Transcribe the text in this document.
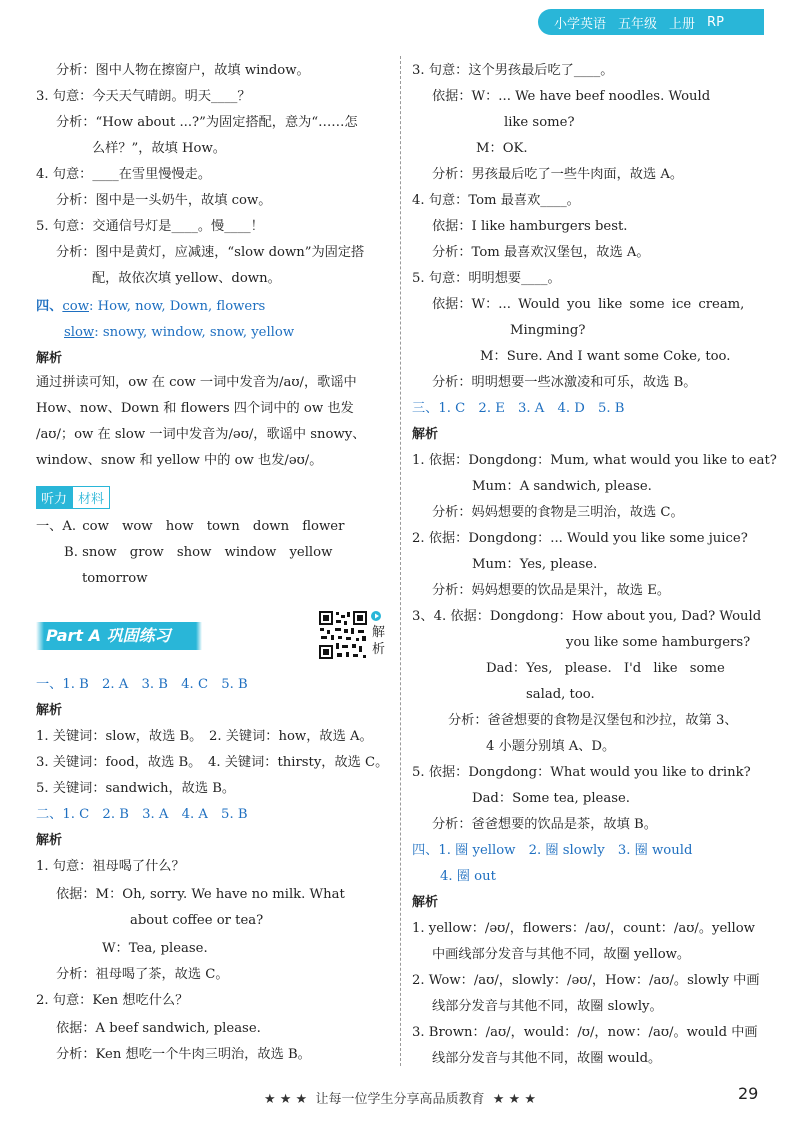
小学英语 五年级 上册 RP
分析：图中人物在擦窗户，故填 window。
3. 句意：今天天气晴朗。明天____？
分析：“How about ...?”为固定搭配，意为“……怎
么样？”，故填 How。
4. 句意：____在雪里慢慢走。
分析：图中是一头奶牛，故填 cow。
5. 句意：交通信号灯是____。慢____！
分析：图中是黄灯，应减速，“slow down”为固定搭
配，故依次填 yellow、down。
四、cow: How, now, Down, flowers
slow: snowy, window, snow, yellow
解析
通过拼读可知，ow 在 cow 一词中发音为/aʊ/，歌谣中
How、now、Down 和 flowers 四个词中的 ow 也发
/aʊ/；ow 在 slow 一词中发音为/əʊ/，歌谣中 snowy、
window、snow 和 yellow 中的 ow 也发/əʊ/。
听力 材料
一、A. cow　wow　how　town　down　flower
B. snow　grow　show　window　yellow
tomorrow
Part A 巩固练习	解析
一、1. B　2. A　3. B　4. C　5. B
解析
1. 关键词：slow，故选 B。　2. 关键词：how，故选 A。
3. 关键词：food，故选 B。　4. 关键词：thirsty，故选 C。
5. 关键词：sandwich，故选 B。
二、1. C　2. B　3. A　4. A　5. B
解析
1. 句意：祖母喝了什么？
依据：M：Oh, sorry. We have no milk. What
about coffee or tea?
W：Tea, please.
分析：祖母喝了茶，故选 C。
2. 句意：Ken 想吃什么？
依据：A beef sandwich, please.
分析：Ken 想吃一个牛肉三明治，故选 B。
3. 句意：这个男孩最后吃了____。
依据：W：... We have beef noodles. Would
like some?
M：OK.
分析：男孩最后吃了一些牛肉面，故选 A。
4. 句意：Tom 最喜欢____。
依据：I like hamburgers best.
分析：Tom 最喜欢汉堡包，故选 A。
5. 句意：明明想要____。
依据：W：... Would you like some ice cream,
Mingming?
M：Sure. And I want some Coke, too.
分析：明明想要一些冰激凌和可乐，故选 B。
三、1. C　2. E　3. A　4. D　5. B
解析
1. 依据：Dongdong：Mum, what would you like to eat?
Mum：A sandwich, please.
分析：妈妈想要的食物是三明治，故选 C。
2. 依据：Dongdong：... Would you like some juice?
Mum：Yes, please.
分析：妈妈想要的饮品是果汁，故选 E。
3、4. 依据：Dongdong：How about you, Dad? Would
you like some hamburgers?
Dad：Yes, please. I'd like some
salad, too.
分析：爸爸想要的食物是汉堡包和沙拉，故第 3、
4 小题分别填 A、D。
5. 依据：Dongdong：What would you like to drink?
Dad：Some tea, please.
分析：爸爸想要的饮品是茶，故填 B。
四、1. 圈 yellow　2. 圈 slowly　3. 圈 would
4. 圈 out
解析
1. yellow：/əʊ/，flowers：/aʊ/，count：/aʊ/。yellow
中画线部分发音与其他不同，故圈 yellow。
2. Wow：/aʊ/，slowly：/əʊ/，How：/aʊ/。slowly 中画
线部分发音与其他不同，故圈 slowly。
3. Brown：/aʊ/，would：/ʊ/，now：/aʊ/。would 中画
线部分发音与其他不同，故圈 would。
★ ★ ★ 让每一位学生分享高品质教育 ★ ★ ★	29
